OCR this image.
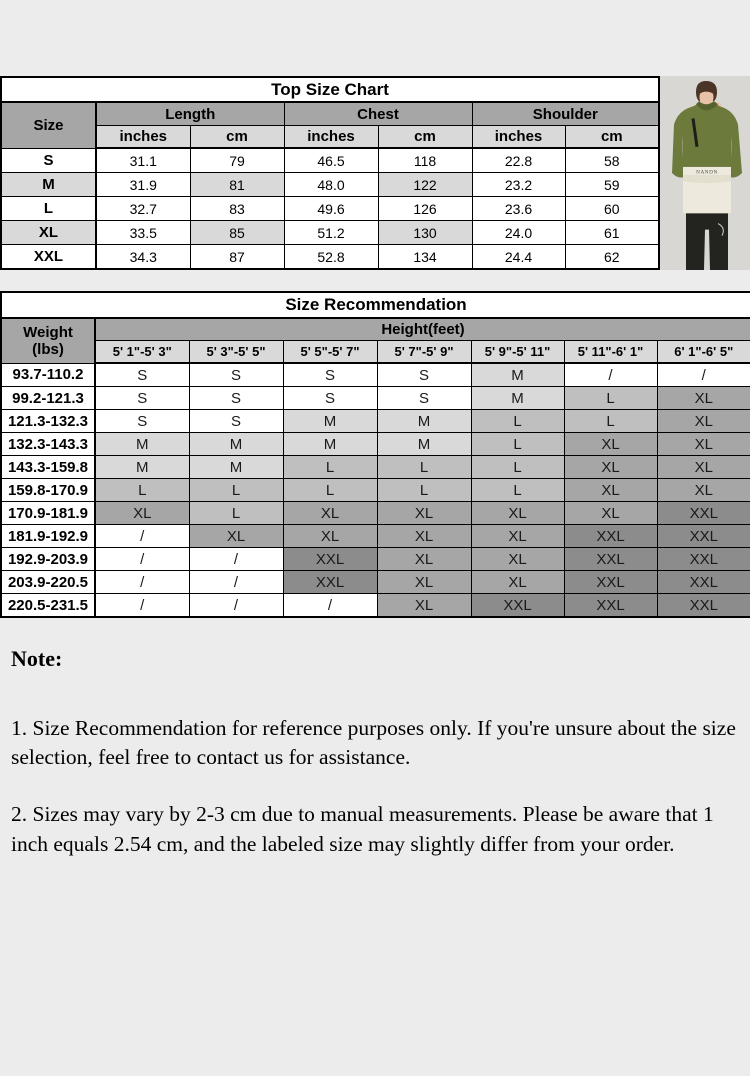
Top Size Chart						
Size	Length		Chest		Shoulder	
	inches	cm	inches	cm	inches	cm
S	31.1	79	46.5	118	22.8	58
M	31.9	81	48.0	122	23.2	59
L	32.7	83	49.6	126	23.6	60
XL	33.5	85	51.2	130	24.0	61
XXL	34.3	87	52.8	134	24.4	62
NANDN
Size Recommendation							

Weight
(lbs)	Height(feet)						
	5' 1"-5' 3"	5' 3"-5' 5"	5' 5"-5' 7"	5' 7"-5' 9"	5' 9"-5' 11"	5' 11"-6' 1"	6' 1"-6' 5"
93.7-110.2	S	S	S	S	M	/	/
99.2-121.3	S	S	S	S	M	L	XL
121.3-132.3	S	S	M	M	L	L	XL
132.3-143.3	M	M	M	M	L	XL	XL
143.3-159.8	M	M	L	L	L	XL	XL
159.8-170.9	L	L	L	L	L	XL	XL
170.9-181.9	XL	L	XL	XL	XL	XL	XXL
181.9-192.9	/	XL	XL	XL	XL	XXL	XXL
192.9-203.9	/	/	XXL	XL	XL	XXL	XXL
203.9-220.5	/	/	XXL	XL	XL	XXL	XXL
220.5-231.5	/	/	/	XL	XXL	XXL	XXL

Note:

1. Size Recommendation for reference purposes only. If you're unsure about the size selection, feel free to contact us for assistance.

2. Sizes may vary by 2-3 cm due to manual measurements. Please be aware that 1 inch equals 2.54 cm, and the labeled size may slightly differ from your order.
